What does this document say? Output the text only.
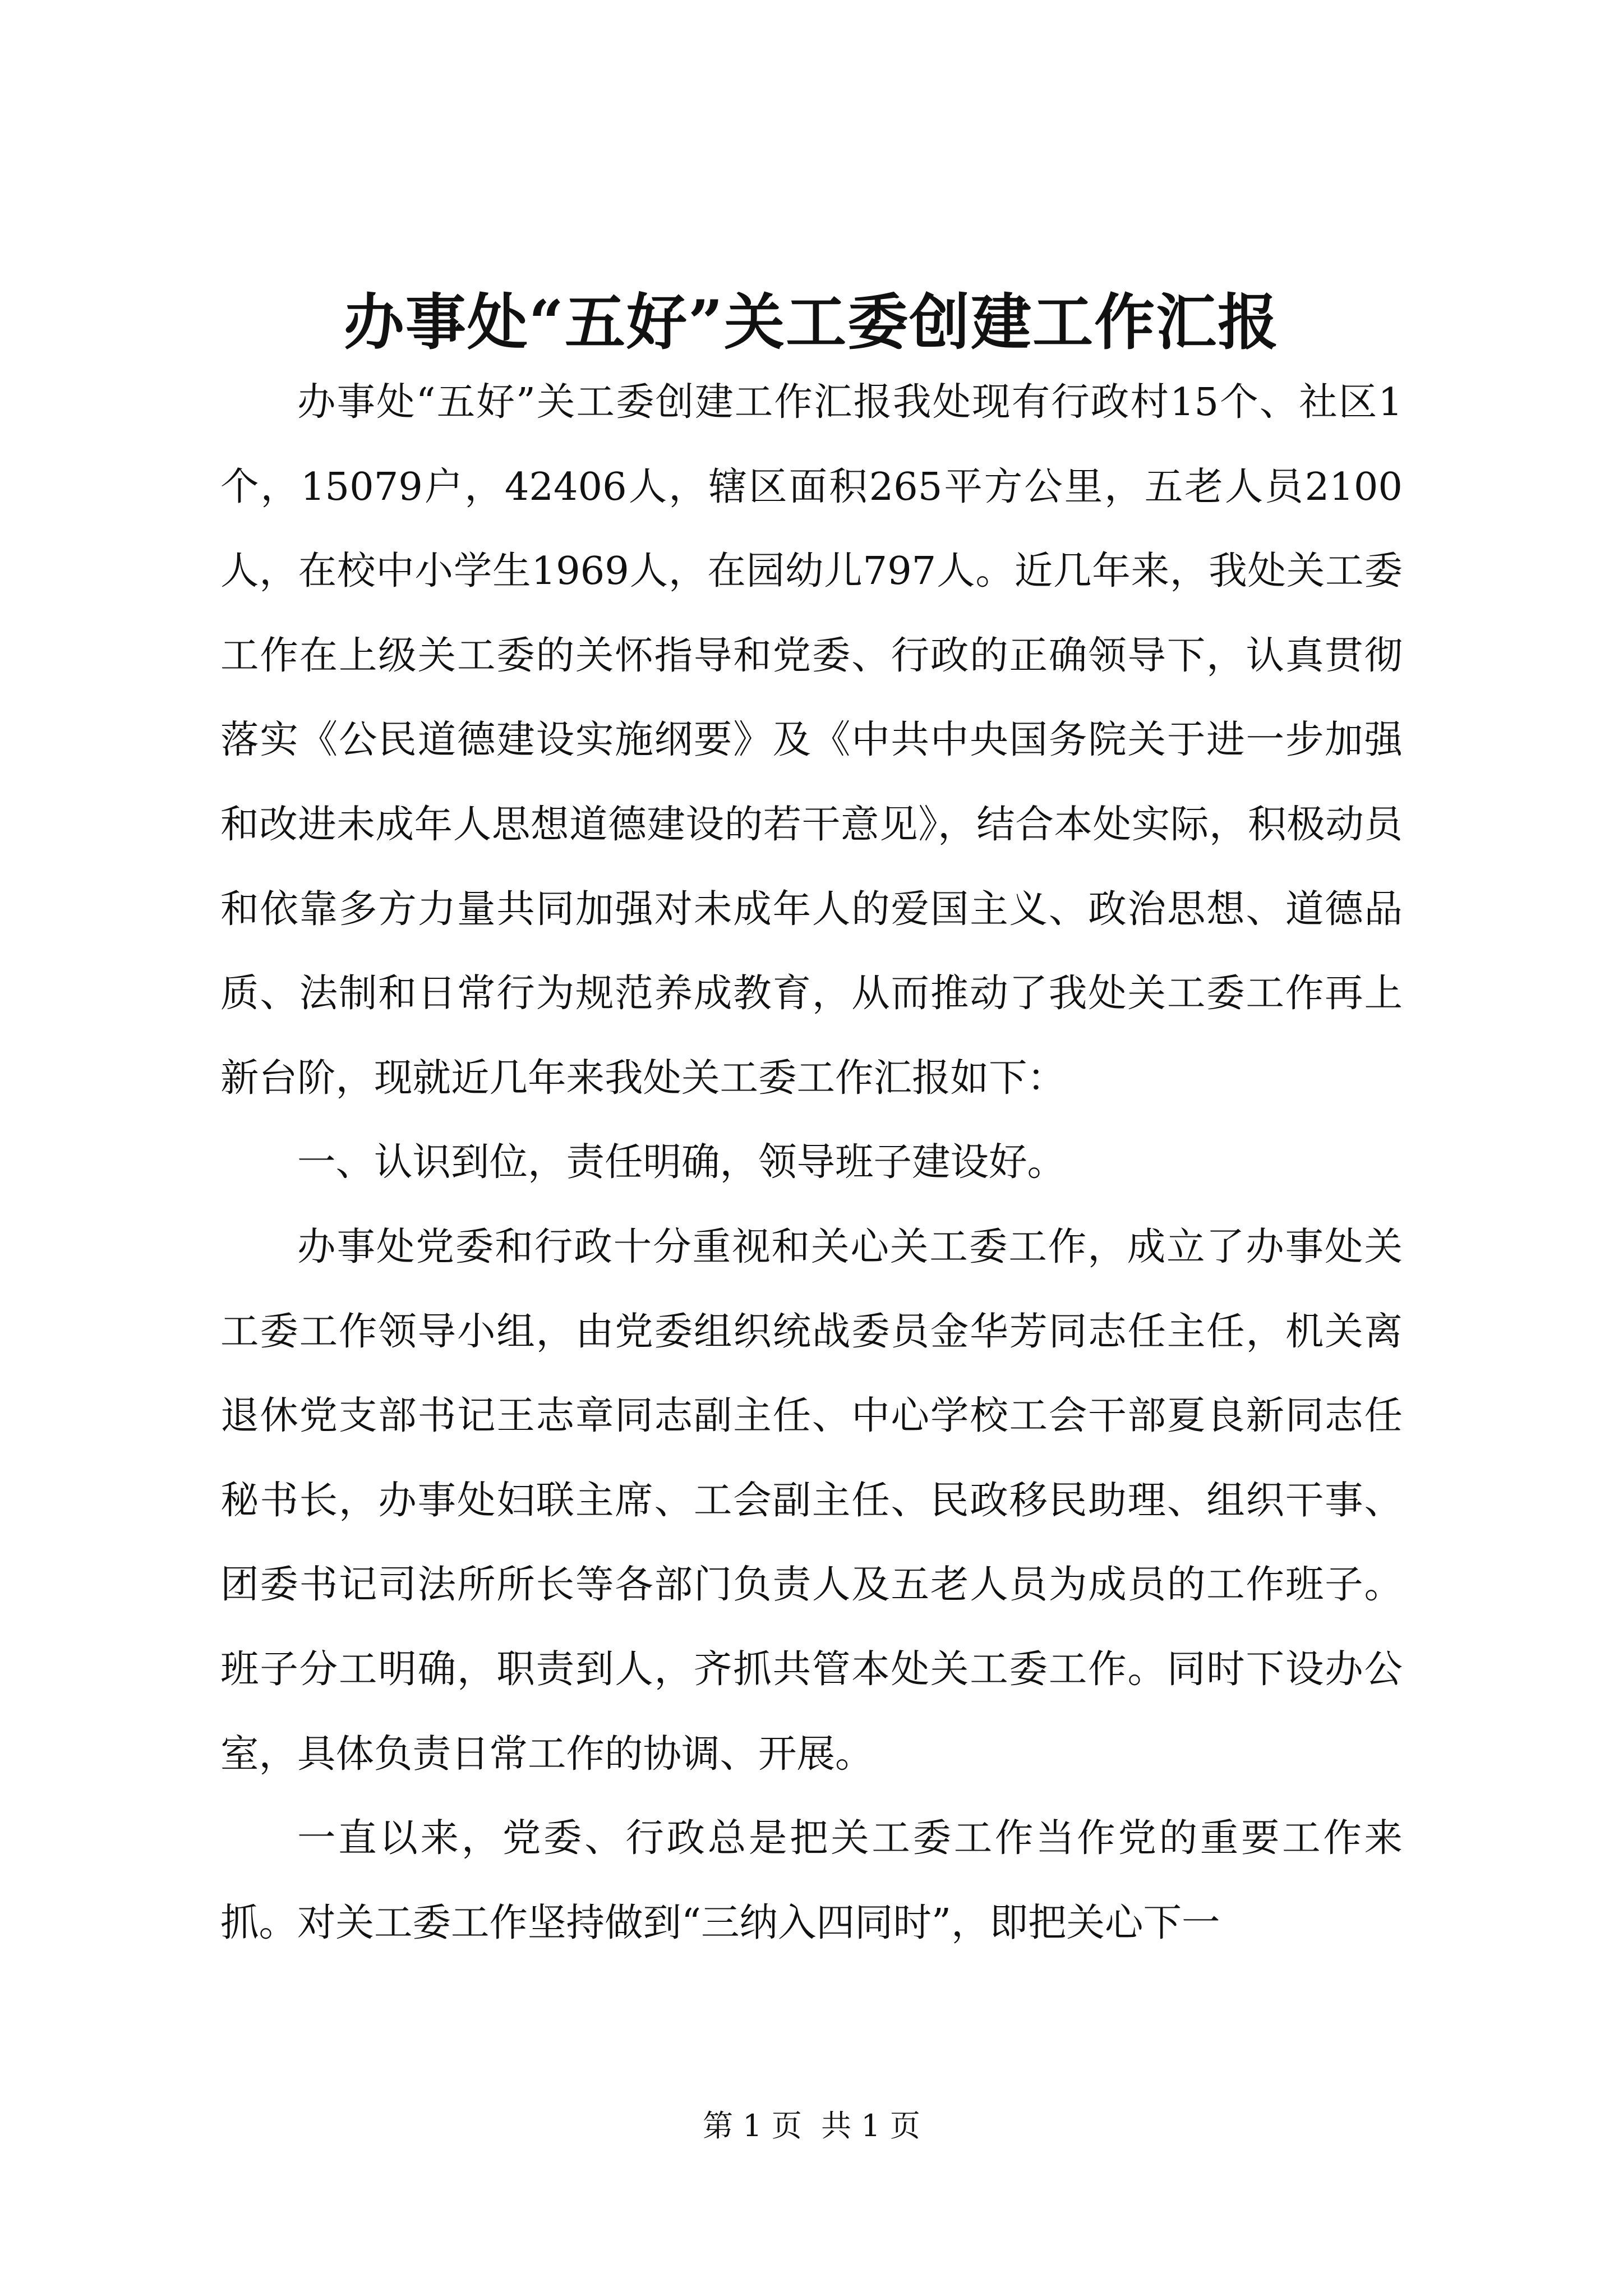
办事处“五好”关工委创建工作汇报

办事处“五好”关工委创建工作汇报我处现有行政村15个、社区1个，15079户，42406人，辖区面积265平方公里，五老人员2100人，在校中小学生1969人，在园幼儿797人。近几年来，我处关工委工作在上级关工委的关怀指导和党委、行政的正确领导下，认真贯彻落实《公民道德建设实施纲要》及《中共中央国务院关于进一步加强和改进未成年人思想道德建设的若干意见》，结合本处实际，积极动员和依靠多方力量共同加强对未成年人的爱国主义、政治思想、道德品质、法制和日常行为规范养成教育，从而推动了我处关工委工作再上新台阶，现就近几年来我处关工委工作汇报如下：

一、认识到位，责任明确，领导班子建设好。

办事处党委和行政十分重视和关心关工委工作，成立了办事处关工委工作领导小组，由党委组织统战委员金华芳同志任主任，机关离退休党支部书记王志章同志副主任、中心学校工会干部夏良新同志任秘书长，办事处妇联主席、工会副主任、民政移民助理、组织干事、团委书记司法所所长等各部门负责人及五老人员为成员的工作班子。班子分工明确，职责到人，齐抓共管本处关工委工作。同时下设办公室，具体负责日常工作的协调、开展。

一直以来，党委、行政总是把关工委工作当作党的重要工作来抓。对关工委工作坚持做到“三纳入四同时”，即把关心下一

第 1 页  共 1 页
